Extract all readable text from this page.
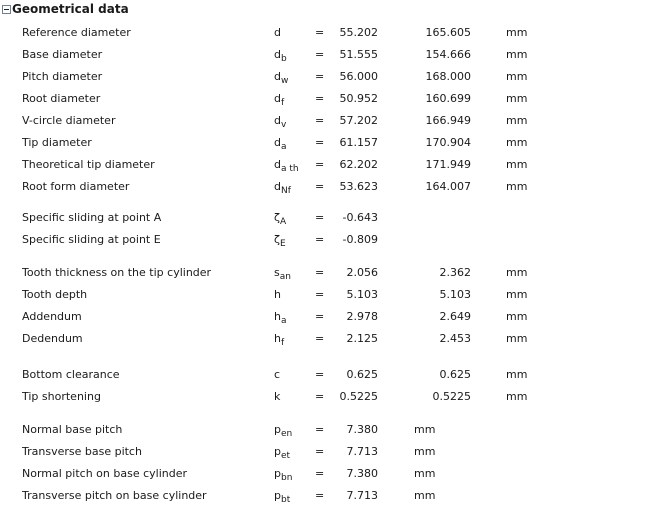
Geometrical data
Reference diameter	d	=	55.202	165.605	mm
Base diameter	$d_b$	=	51.555	154.666	mm
Pitch diameter	$d_w$ =	56.000	168.000	mm
Root diameter	$d_f$	=	50.952	160.699	mm
V-circle diameter	$d_v$	=	57.202	166.949	mm
Tip diameter	$d_a$	=	61.157	170.904	mm
Theoretical tip diameter	$d_{a th}$ =	62.202	171.949	mm
Root form diameter	$d_{Nf}$ =	53.623	164.007	mm
Specific sliding at point A	$\zeta_A$	=	-0.643
Specific sliding at point E	$\zeta_E$	=	-0.809
Tooth thickness on the tip cylinder	$s_{an}$ =	2.056	2.362	mm
Tooth depth	h	=	5.103	5.103	mm
Addendum	$h_a$	=	2.978	2.649	mm
Dedendum	$h_f$	=	2.125	2.453	mm
Bottom clearance	c	=	0.625	0.625	mm
Tip shortening	k	=	0.5225	0.5225	mm
Normal base pitch	$p_{en}$ =	7.380	mm
Transverse base pitch	$p_{et}$ =	7.713	mm
Normal pitch on base cylinder	$p_{bn}$ =	7.380	mm
Transverse pitch on base cylinder	$p_{bt}$ =	7.713	mm
